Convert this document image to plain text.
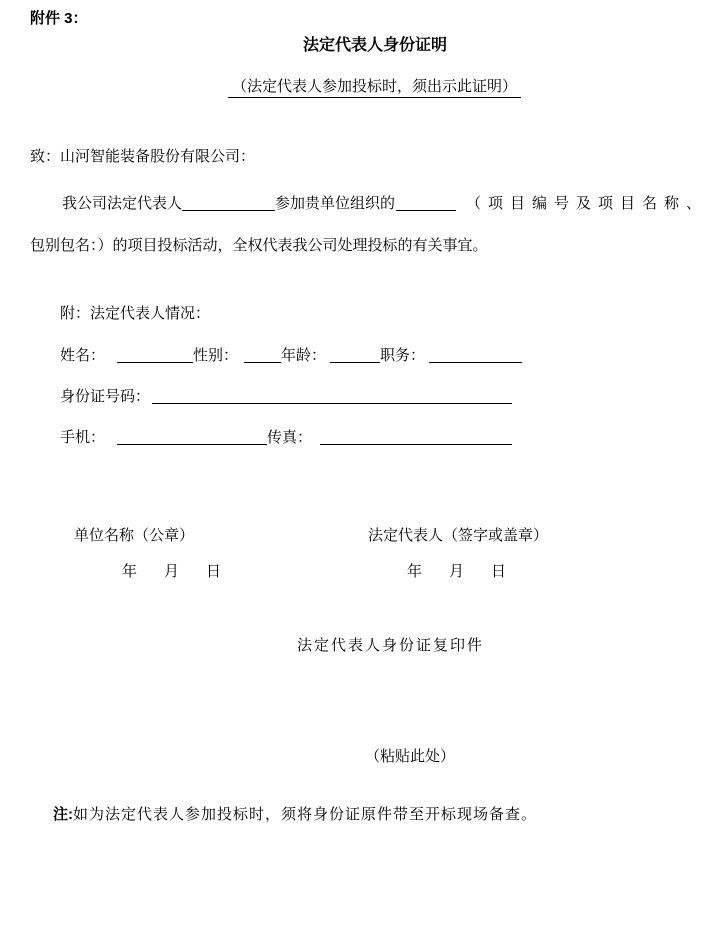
附件 3：
法定代表人身份证明
（法定代表人参加投标时，须出示此证明）
致：山河智能装备股份有限公司：
我公司法定代表人	参加贵单位组织的	（项目编号及项目名称、
包别包名：）的项目投标活动，全权代表我公司处理投标的有关事宜。
附：法定代表人情况：
姓名：	性别：	年龄：	职务：
身份证号码：
手机：	传真：
单位名称（公章）	法定代表人（签字或盖章）
年 月 日	年 月 日
法定代表人身份证复印件
（粘贴此处）
注:如为法定代表人参加投标时，须将身份证原件带至开标现场备查。
